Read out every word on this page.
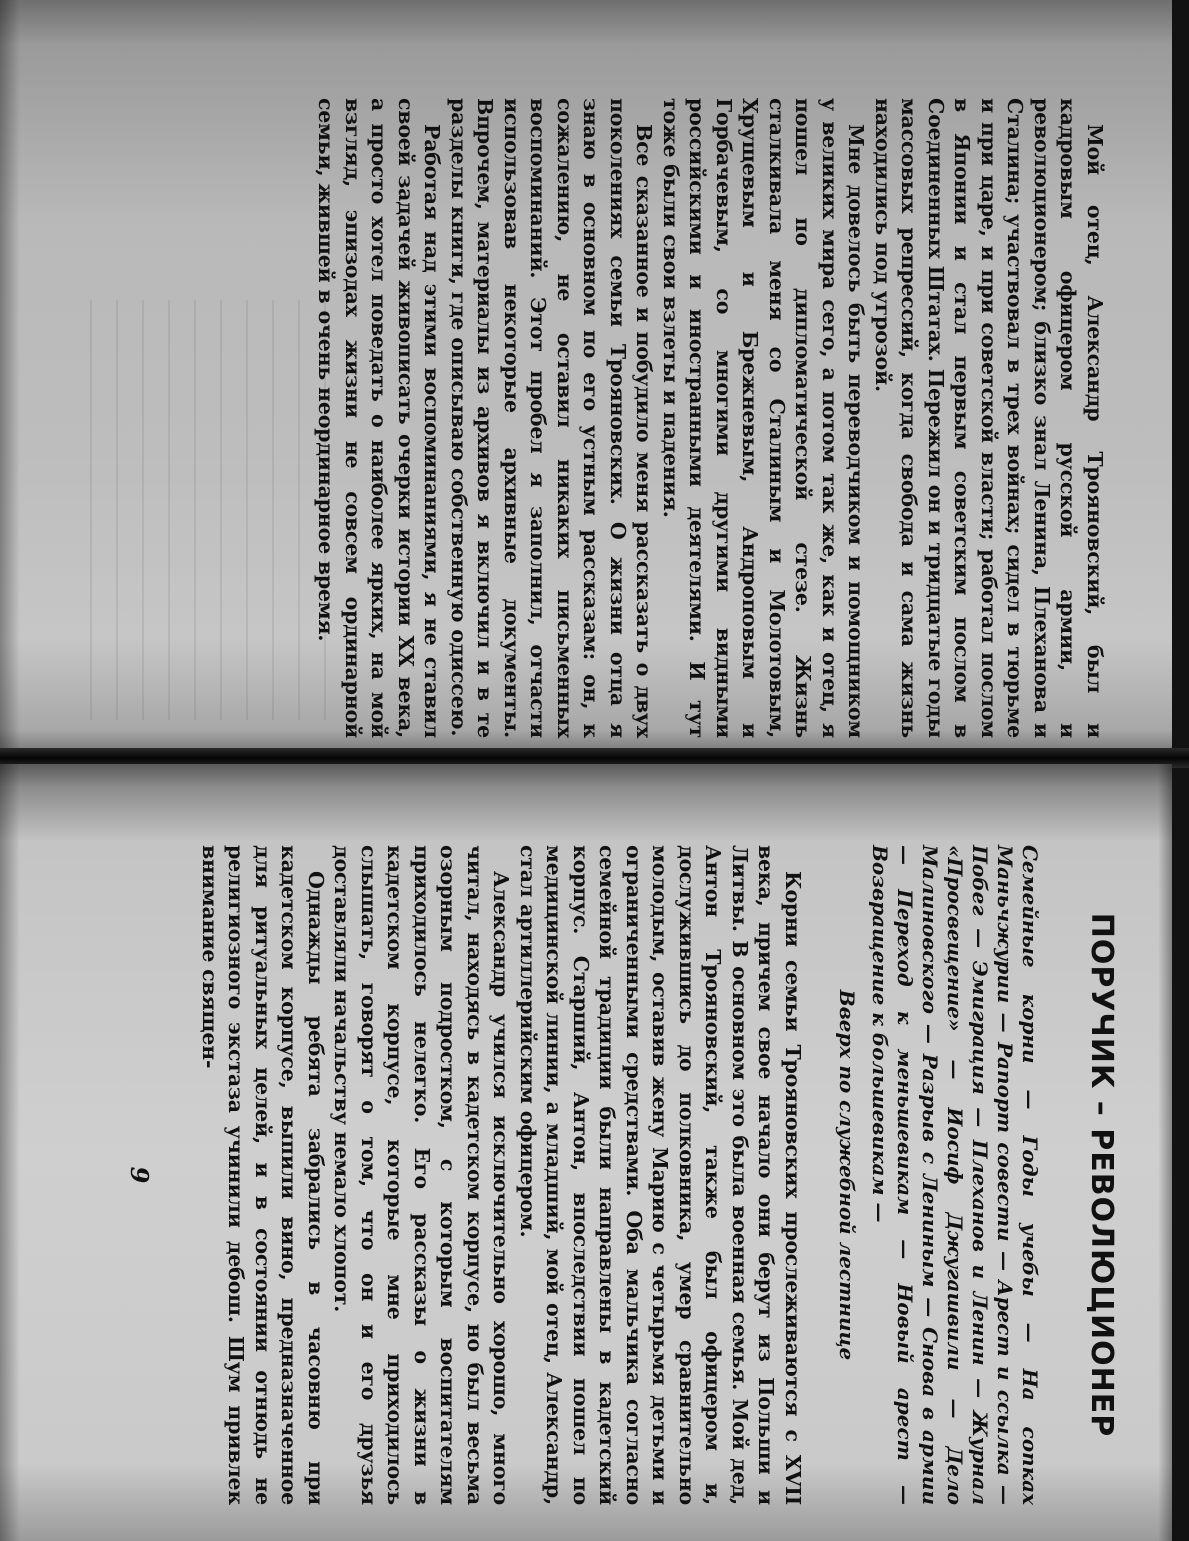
Мой отец, Александр Трояновский, был и кадровым офицером русской армии, и революционером; близко знал Ленина, Плеханова и Сталина; участвовал в трех войнах; сидел в тюрьме и при царе, и при советской власти; работал послом в Японии и стал первым советским послом в Соединенных Штатах. Пережил он и тридцатые годы массовых репрессий, когда свобода и сама жизнь находились под угрозой.

Мне довелось быть переводчиком и помощником у великих мира сего, а потом так же, как и отец, я пошел по дипломатической стезе. Жизнь сталкивала меня со Сталиным и Молотовым, Хрущевым и Брежневым, Андроповым и Горбачевым, со многими другими видными российскими и иностранными деятелями. И тут тоже были свои взлеты и падения.

Все сказанное и побудило меня рассказать о двух поколениях семьи Трояновских. О жизни отца я знаю в основном по его устным рассказам: он, к сожалению, не оставил никаких письменных воспоминаний. Этот пробел я заполнил, отчасти использовав некоторые архивные документы. Впрочем, материалы из архивов я включил и в те разделы книги, где описываю собственную одиссею.

Работая над этими воспоминаниями, я не ставил своей задачей живописать очерки истории XX века, а просто хотел поведать о наиболее ярких, на мой взгляд, эпизодах жизни не совсем ординарной семьи, жившей в очень неординарное время.

ПОРУЧИК – РЕВОЛЮЦИОНЕР
Семейные корни — Годы учебы — На сопках Маньчжурии — Рапорт совести — Арест и ссылка — Побег — Эмиграция — Плеханов и Ленин — Журнал «Просвещение» — Иосиф Джугашвили — Дело Малиновского — Разрыв с Лениным — Снова в армии — Переход к меньшевикам — Новый арест — Возвращение к большевикам —
Вверх по служебной лестнице

Корни семьи Трояновских прослеживаются с XVII века, причем свое начало они берут из Польши и Литвы. В основном это была военная семья. Мой дед, Антон Трояновский, также был офицером и, дослужившись до полковника, умер сравнительно молодым, оставив жену Марию с четырьмя детьми и ограниченными средствами. Оба мальчика согласно семейной традиции были направлены в кадетский корпус. Старший, Антон, впоследствии пошел по медицинской линии, а младший, мой отец, Александр, стал артиллерийским офицером.

Александр учился исключительно хорошо, много читал, находясь в кадетском корпусе, но был весьма озорным подростком, с которым воспитателям приходилось нелегко. Его рассказы о жизни в кадетском корпусе, которые мне приходилось слышать, говорят о том, что он и его друзья доставляли начальству немало хлопот.

Однажды ребята забрались в часовню при кадетском корпусе, выпили вино, предназначенное для ритуальных целей, и в состоянии отнюдь не религиозного экстаза учинили дебош. Шум привлек внимание священ-

9
